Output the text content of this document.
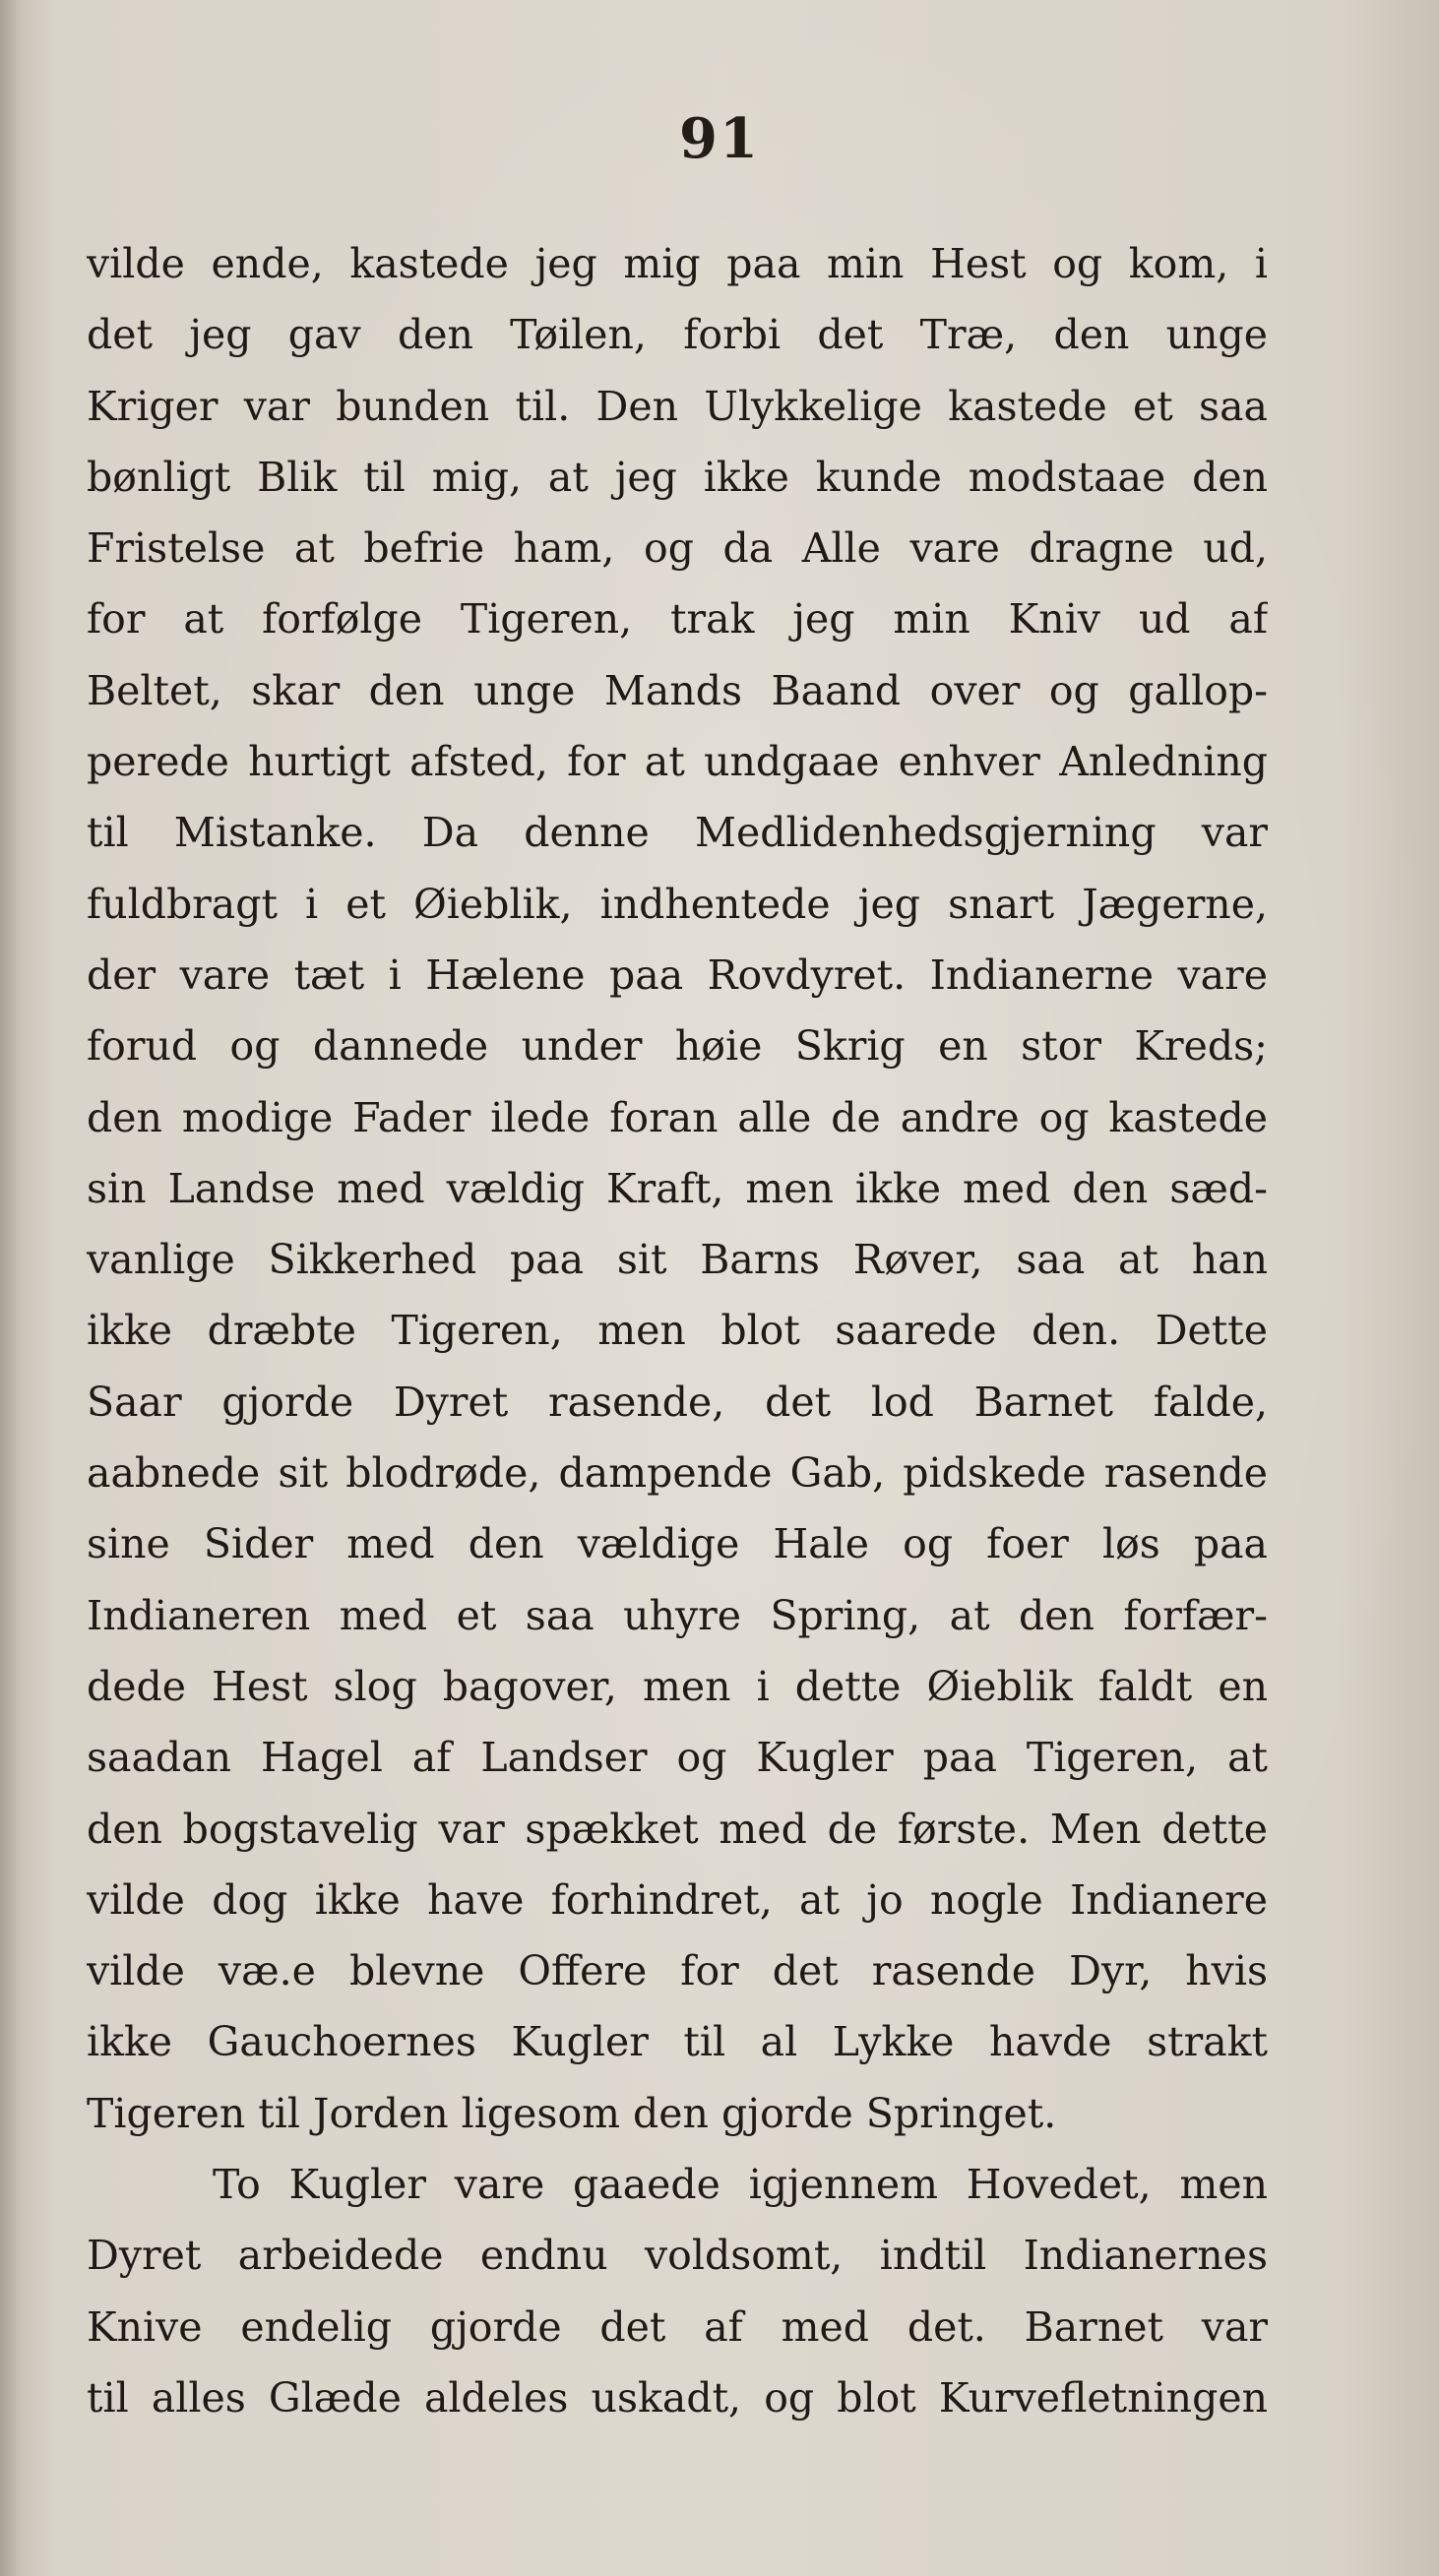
91
vilde ende, kastede jeg mig paa min Hest og kom, i
det jeg gav den Tøilen, forbi det Træ, den unge
Kriger var bunden til. Den Ulykkelige kastede et saa
bønligt Blik til mig, at jeg ikke kunde modstaae den
Fristelse at befrie ham, og da Alle vare dragne ud,
for at forfølge Tigeren, trak jeg min Kniv ud af
Beltet, skar den unge Mands Baand over og gallop-
perede hurtigt afsted, for at undgaae enhver Anledning
til Mistanke. Da denne Medlidenhedsgjerning var
fuldbragt i et Øieblik, indhentede jeg snart Jægerne,
der vare tæt i Hælene paa Rovdyret. Indianerne vare
forud og dannede under høie Skrig en stor Kreds;
den modige Fader ilede foran alle de andre og kastede
sin Landse med vældig Kraft, men ikke med den sæd-
vanlige Sikkerhed paa sit Barns Røver, saa at han
ikke dræbte Tigeren, men blot saarede den. Dette
Saar gjorde Dyret rasende, det lod Barnet falde,
aabnede sit blodrøde, dampende Gab, pidskede rasende
sine Sider med den vældige Hale og foer løs paa
Indianeren med et saa uhyre Spring, at den forfær-
dede Hest slog bagover, men i dette Øieblik faldt en
saadan Hagel af Landser og Kugler paa Tigeren, at
den bogstavelig var spækket med de første. Men dette
vilde dog ikke have forhindret, at jo nogle Indianere
vilde væ.e blevne Offere for det rasende Dyr, hvis
ikke Gauchoernes Kugler til al Lykke havde strakt
Tigeren til Jorden ligesom den gjorde Springet.
To Kugler vare gaaede igjennem Hovedet, men
Dyret arbeidede endnu voldsomt, indtil Indianernes
Knive endelig gjorde det af med det. Barnet var
til alles Glæde aldeles uskadt, og blot Kurvefletningen
